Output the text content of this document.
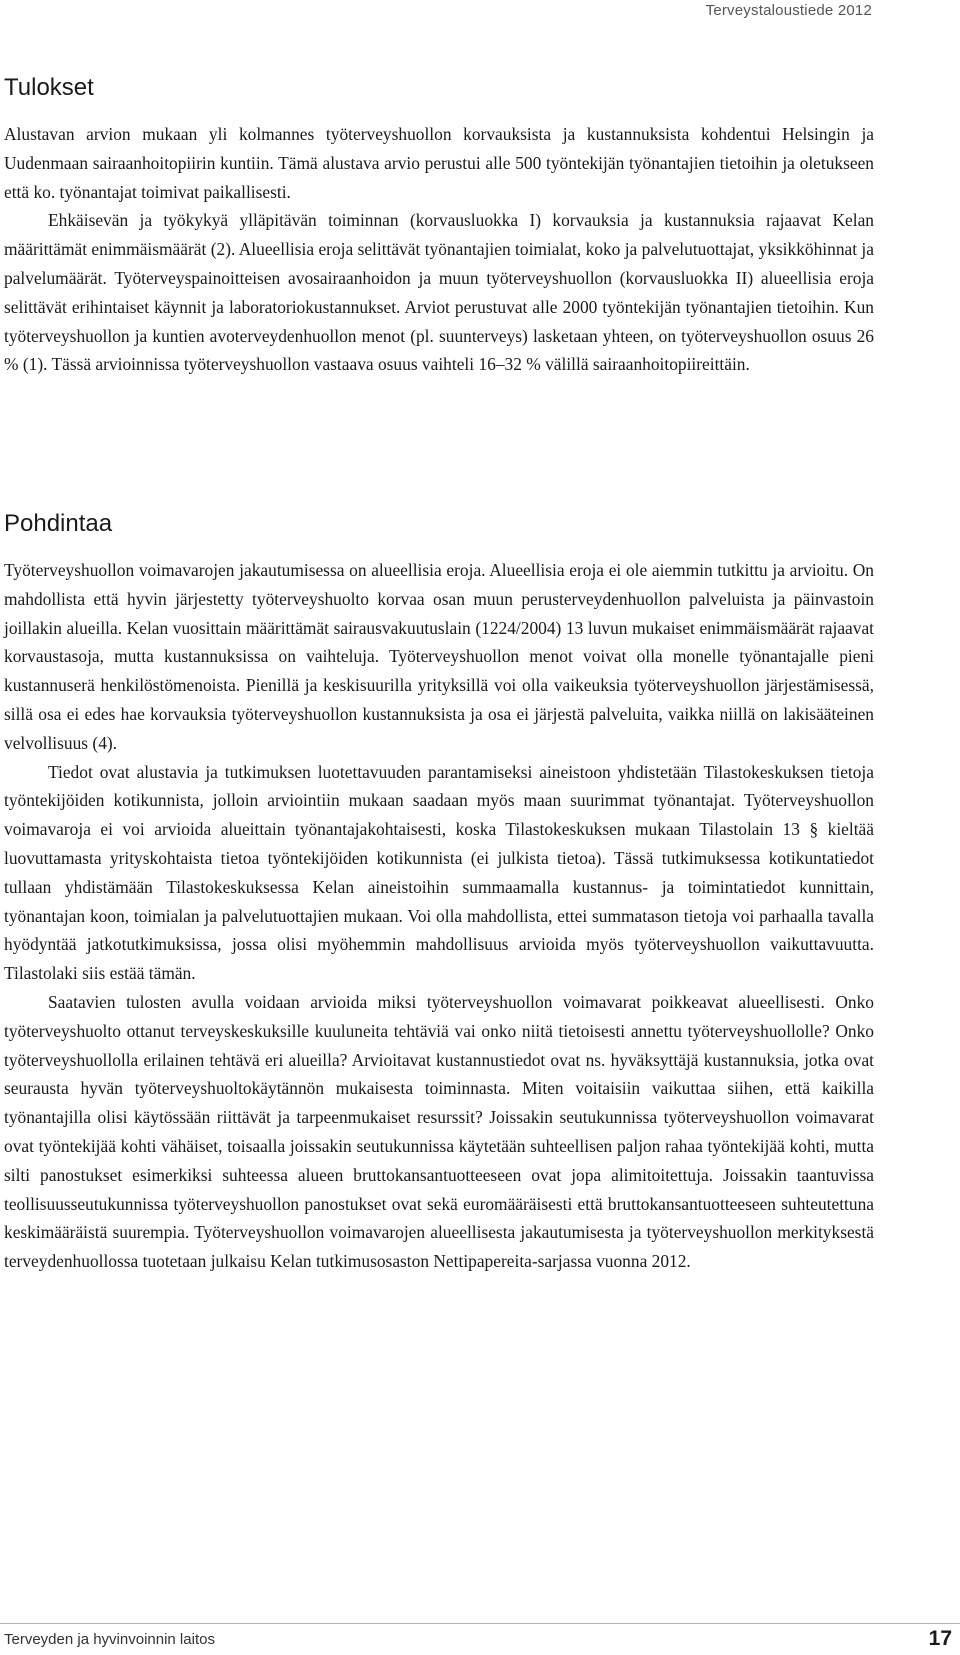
Terveystaloustiede 2012
Tulokset

Alustavan arvion mukaan yli kolmannes työterveyshuollon korvauksista ja kustannuksista kohdentui Helsingin ja Uudenmaan sairaanhoitopiirin kuntiin. Tämä alustava arvio perustui alle 500 työntekijän työnantajien tietoihin ja oletukseen että ko. työnantajat toimivat paikallisesti.

Ehkäisevän ja työkykyä ylläpitävän toiminnan (korvausluokka I) korvauksia ja kustannuksia rajaavat Kelan määrittämät enimmäismäärät (2). Alueellisia eroja selittävät työnantajien toimialat, koko ja palvelutuottajat, yksikköhinnat ja palvelumäärät. Työterveyspainoitteisen avosairaanhoidon ja muun työterveyshuollon (korvausluokka II) alueellisia eroja selittävät erihintaiset käynnit ja laboratoriokustannukset. Arviot perustuvat alle 2000 työntekijän työnantajien tietoihin. Kun työterveyshuollon ja kuntien avoterveydenhuollon menot (pl. suunterveys) lasketaan yhteen, on työterveyshuollon osuus 26 % (1). Tässä arvioinnissa työterveyshuollon vastaava osuus vaihteli 16–32 % välillä sairaanhoitopiireittäin.

Pohdintaa

Työterveyshuollon voimavarojen jakautumisessa on alueellisia eroja. Alueellisia eroja ei ole aiemmin tutkittu ja arvioitu. On mahdollista että hyvin järjestetty työterveyshuolto korvaa osan muun perusterveydenhuollon palveluista ja päinvastoin joillakin alueilla. Kelan vuosittain määrittämät sairausvakuutuslain (1224/2004) 13 luvun mukaiset enimmäismäärät rajaavat korvaustasoja, mutta kustannuksissa on vaihteluja. Työterveyshuollon menot voivat olla monelle työnantajalle pieni kustannuserä henkilöstömenoista. Pienillä ja keskisuurilla yrityksillä voi olla vaikeuksia työterveyshuollon järjestämisessä, sillä osa ei edes hae korvauksia työterveyshuollon kustannuksista ja osa ei järjestä palveluita, vaikka niillä on lakisääteinen velvollisuus (4).

Tiedot ovat alustavia ja tutkimuksen luotettavuuden parantamiseksi aineistoon yhdistetään Tilastokeskuksen tietoja työntekijöiden kotikunnista, jolloin arviointiin mukaan saadaan myös maan suurimmat työnantajat. Työterveyshuollon voimavaroja ei voi arvioida alueittain työnantajakohtaisesti, koska Tilastokeskuksen mukaan Tilastolain 13 § kieltää luovuttamasta yrityskohtaista tietoa työntekijöiden kotikunnista (ei julkista tietoa). Tässä tutkimuksessa kotikuntatiedot tullaan yhdistämään Tilastokeskuksessa Kelan aineistoihin summaamalla kustannus- ja toimintatiedot kunnittain, työnantajan koon, toimialan ja palvelutuottajien mukaan. Voi olla mahdollista, ettei summatason tietoja voi parhaalla tavalla hyödyntää jatkotutkimuksissa, jossa olisi myöhemmin mahdollisuus arvioida myös työterveyshuollon vaikuttavuutta. Tilastolaki siis estää tämän.

Saatavien tulosten avulla voidaan arvioida miksi työterveyshuollon voimavarat poikkeavat alueellisesti. Onko työterveyshuolto ottanut terveyskeskuksille kuuluneita tehtäviä vai onko niitä tietoisesti annettu työterveyshuollolle? Onko työterveyshuollolla erilainen tehtävä eri alueilla? Arvioitavat kustannustiedot ovat ns. hyväksyttäjä kustannuksia, jotka ovat seurausta hyvän työterveyshuoltokäytännön mukaisesta toiminnasta. Miten voitaisiin vaikuttaa siihen, että kaikilla työnantajilla olisi käytössään riittävät ja tarpeenmukaiset resurssit? Joissakin seutukunnissa työterveyshuollon voimavarat ovat työntekijää kohti vähäiset, toisaalla joissakin seutukunnissa käytetään suhteellisen paljon rahaa työntekijää kohti, mutta silti panostukset esimerkiksi suhteessa alueen bruttokansantuotteeseen ovat jopa alimitoitettuja. Joissakin taantuvissa teollisuusseutukunnissa työterveyshuollon panostukset ovat sekä euromääräisesti että bruttokansantuotteeseen suhteutettuna keskimääräistä suurempia. Työterveyshuollon voimavarojen alueellisesta jakautumisesta ja työterveyshuollon merkityksestä terveydenhuollossa tuotetaan julkaisu Kelan tutkimusosaston Nettipapereita-sarjassa vuonna 2012.

Terveyden ja hyvinvoinnin laitos	17
